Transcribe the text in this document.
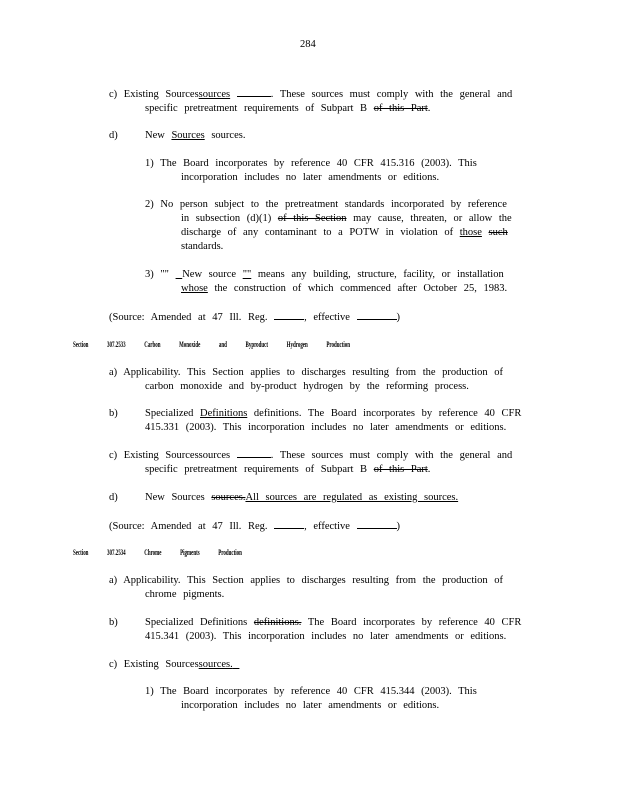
284
c) Existing Sourcessources	. These sources must comply with the general and
specific pretreatment requirements of Subpart B of this Part.
d)	New Sources sources.
1) The Board incorporates by reference 40 CFR 415.316 (2003). This
incorporation includes no later amendments or editions.
2) No person subject to the pretreatment standards incorporated by reference
in subsection (d)(1) of this Section may cause, threaten, or allow the
discharge of any contaminant to a POTW in violation of those such
standards.
3) "" New source "" means any building, structure, facility, or installation
whose the construction of which commenced after October 25, 1983.
(Source: Amended at 47 Ill. Reg.	, effective	)
Section 307.2533 Carbon Monoxide and Byproduct Hydrogen Production
a) Applicability. This Section applies to discharges resulting from the production of
carbon monoxide and by-product hydrogen by the reforming process.
b)	Specialized Definitions definitions. The Board incorporates by reference 40 CFR
415.331 (2003). This incorporation includes no later amendments or editions.
c) Existing Sourcessources	. These sources must comply with the general and
specific pretreatment requirements of Subpart B of this Part.
d)	New Sources sources.All sources are regulated as existing sources.
(Source: Amended at 47 Ill. Reg.	, effective	)
Section 307.2534 Chrome Pigments Production
a) Applicability. This Section applies to discharges resulting from the production of
chrome pigments.
b)	Specialized Definitions definitions. The Board incorporates by reference 40 CFR
415.341 (2003). This incorporation includes no later amendments or editions.
c) Existing Sourcessources.
1) The Board incorporates by reference 40 CFR 415.344 (2003). This
incorporation includes no later amendments or editions.
